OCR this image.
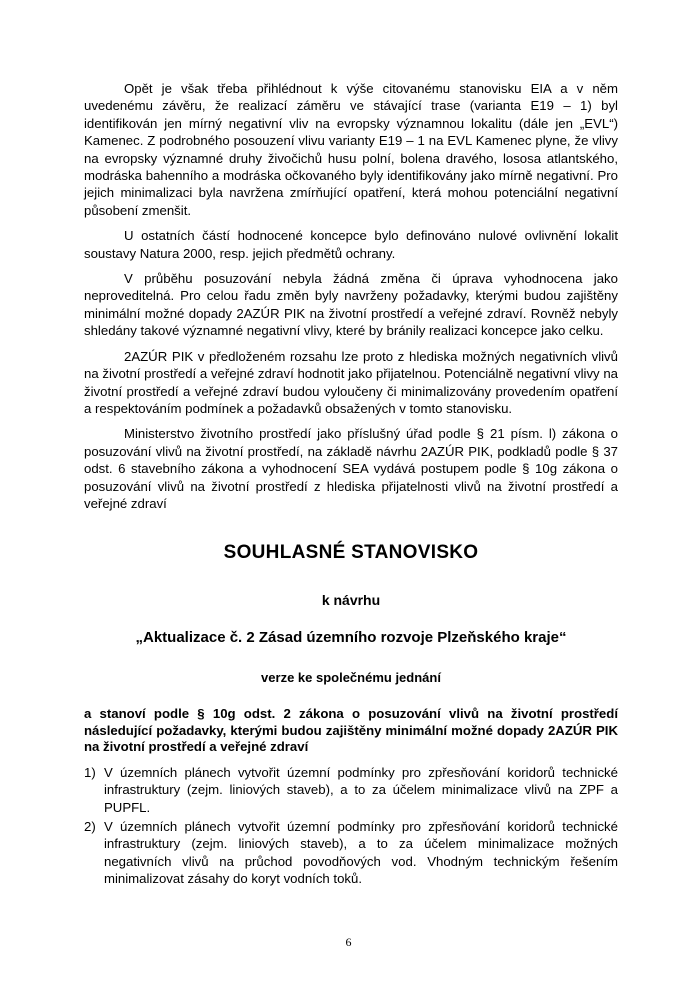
Opět je však třeba přihlédnout k výše citovanému stanovisku EIA a v něm uvedenému závěru, že realizací záměru ve stávající trase (varianta E19 – 1) byl identifikován jen mírný negativní vliv na evropsky významnou lokalitu (dále jen „EVL“) Kamenec. Z podrobného posouzení vlivu varianty E19 – 1 na EVL Kamenec plyne, že vlivy na evropsky významné druhy živočichů husu polní, bolena dravého, lososa atlantského, modráska bahenního a modráska očkovaného byly identifikovány jako mírně negativní. Pro jejich minimalizaci byla navržena zmírňující opatření, která mohou potenciální negativní působení zmenšit.

U ostatních částí hodnocené koncepce bylo definováno nulové ovlivnění lokalit soustavy Natura 2000, resp. jejich předmětů ochrany.

V průběhu posuzování nebyla žádná změna či úprava vyhodnocena jako neproveditelná. Pro celou řadu změn byly navrženy požadavky, kterými budou zajištěny minimální možné dopady 2AZÚR PIK na životní prostředí a veřejné zdraví. Rovněž nebyly shledány takové významné negativní vlivy, které by bránily realizaci koncepce jako celku.

2AZÚR PIK v předloženém rozsahu lze proto z hlediska možných negativních vlivů na životní prostředí a veřejné zdraví hodnotit jako přijatelnou. Potenciálně negativní vlivy na životní prostředí a veřejné zdraví budou vyloučeny či minimalizovány provedením opatření a respektováním podmínek a požadavků obsažených v tomto stanovisku.

Ministerstvo životního prostředí jako příslušný úřad podle § 21 písm. l) zákona o posuzování vlivů na životní prostředí, na základě návrhu 2AZÚR PIK, podkladů podle § 37 odst. 6 stavebního zákona a vyhodnocení SEA vydává postupem podle § 10g zákona o posuzování vlivů na životní prostředí z hlediska přijatelnosti vlivů na životní prostředí a veřejné zdraví

SOUHLASNÉ STANOVISKO
k návrhu
„Aktualizace č. 2 Zásad územního rozvoje Plzeňského kraje“
verze ke společnému jednání

a stanoví podle § 10g odst. 2 zákona o posuzování vlivů na životní prostředí následující požadavky, kterými budou zajištěny minimální možné dopady 2AZÚR PIK na životní prostředí a veřejné zdraví

1) V územních plánech vytvořit územní podmínky pro zpřesňování koridorů technické infrastruktury (zejm. liniových staveb), a to za účelem minimalizace vlivů na ZPF a PUPFL.
2) V územních plánech vytvořit územní podmínky pro zpřesňování koridorů technické infrastruktury (zejm. liniových staveb), a to za účelem minimalizace možných negativních vlivů na průchod povodňových vod. Vhodným technickým řešením minimalizovat zásahy do koryt vodních toků.
6
